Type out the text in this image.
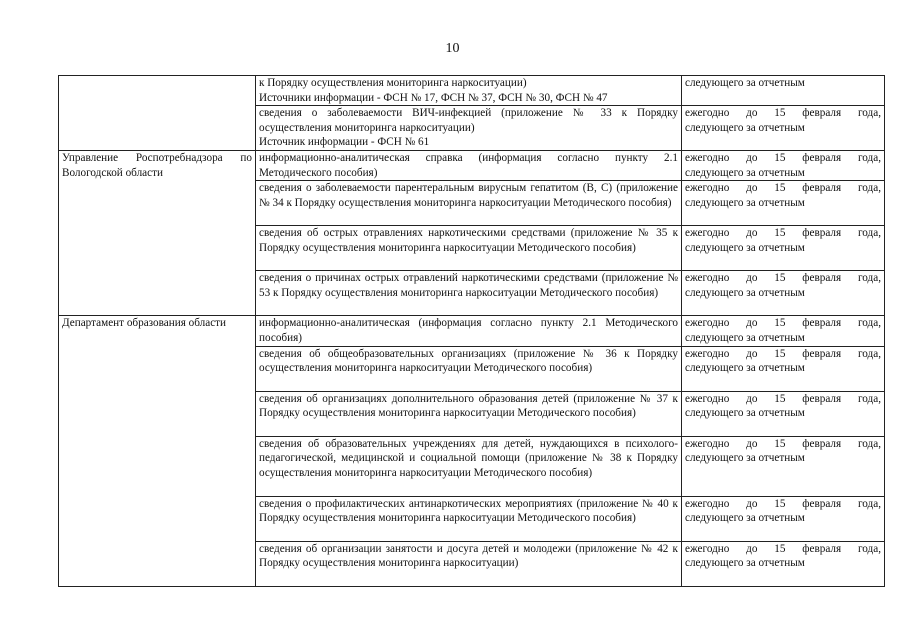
10

	к Порядку осуществления мониторинга наркоситуации)
Источники информации - ФСН № 17, ФСН № 37, ФСН № 30, ФСН № 47	следующего за отчетным

	сведения о заболеваемости ВИЧ-инфекцией (приложение № 33 к Порядку осуществления мониторинга наркоситуации)
Источник информации - ФСН № 61	ежегодно до 15 февраля года, следующего за отчетным

Управление Роспотребнадзора по Вологодской области	информационно-аналитическая справка (информация согласно пункту 2.1 Методического пособия)	ежегодно до 15 февраля года, следующего за отчетным

	сведения о заболеваемости парентеральным вирусным гепатитом (B, C) (приложение № 34 к Порядку осуществления мониторинга наркоситуации Методического пособия)	ежегодно до 15 февраля года, следующего за отчетным

	сведения об острых отравлениях наркотическими средствами (приложение № 35 к Порядку осуществления мониторинга наркоситуации Методического пособия)	ежегодно до 15 февраля года, следующего за отчетным

	сведения о причинах острых отравлений наркотическими средствами (приложение № 53 к Порядку осуществления мониторинга наркоситуации Методического пособия)	ежегодно до 15 февраля года, следующего за отчетным

Департамент образования области	информационно-аналитическая (информация согласно пункту 2.1 Методического пособия)	ежегодно до 15 февраля года, следующего за отчетным

	сведения об общеобразовательных организациях (приложение № 36 к Порядку осуществления мониторинга наркоситуации Методического пособия)	ежегодно до 15 февраля года, следующего за отчетным

	сведения об организациях дополнительного образования детей (приложение № 37 к Порядку осуществления мониторинга наркоситуации Методического пособия)	ежегодно до 15 февраля года, следующего за отчетным

	сведения об образовательных учреждениях для детей, нуждающихся в психолого-педагогической, медицинской и социальной помощи (приложение № 38 к Порядку осуществления мониторинга наркоситуации Методического пособия)	ежегодно до 15 февраля года, следующего за отчетным

	сведения о профилактических антинаркотических мероприятиях (приложение № 40 к Порядку осуществления мониторинга наркоситуации Методического пособия)	ежегодно до 15 февраля года, следующего за отчетным

	сведения об организации занятости и досуга детей и молодежи (приложение № 42 к Порядку осуществления мониторинга наркоситуации)	ежегодно до 15 февраля года, следующего за отчетным
